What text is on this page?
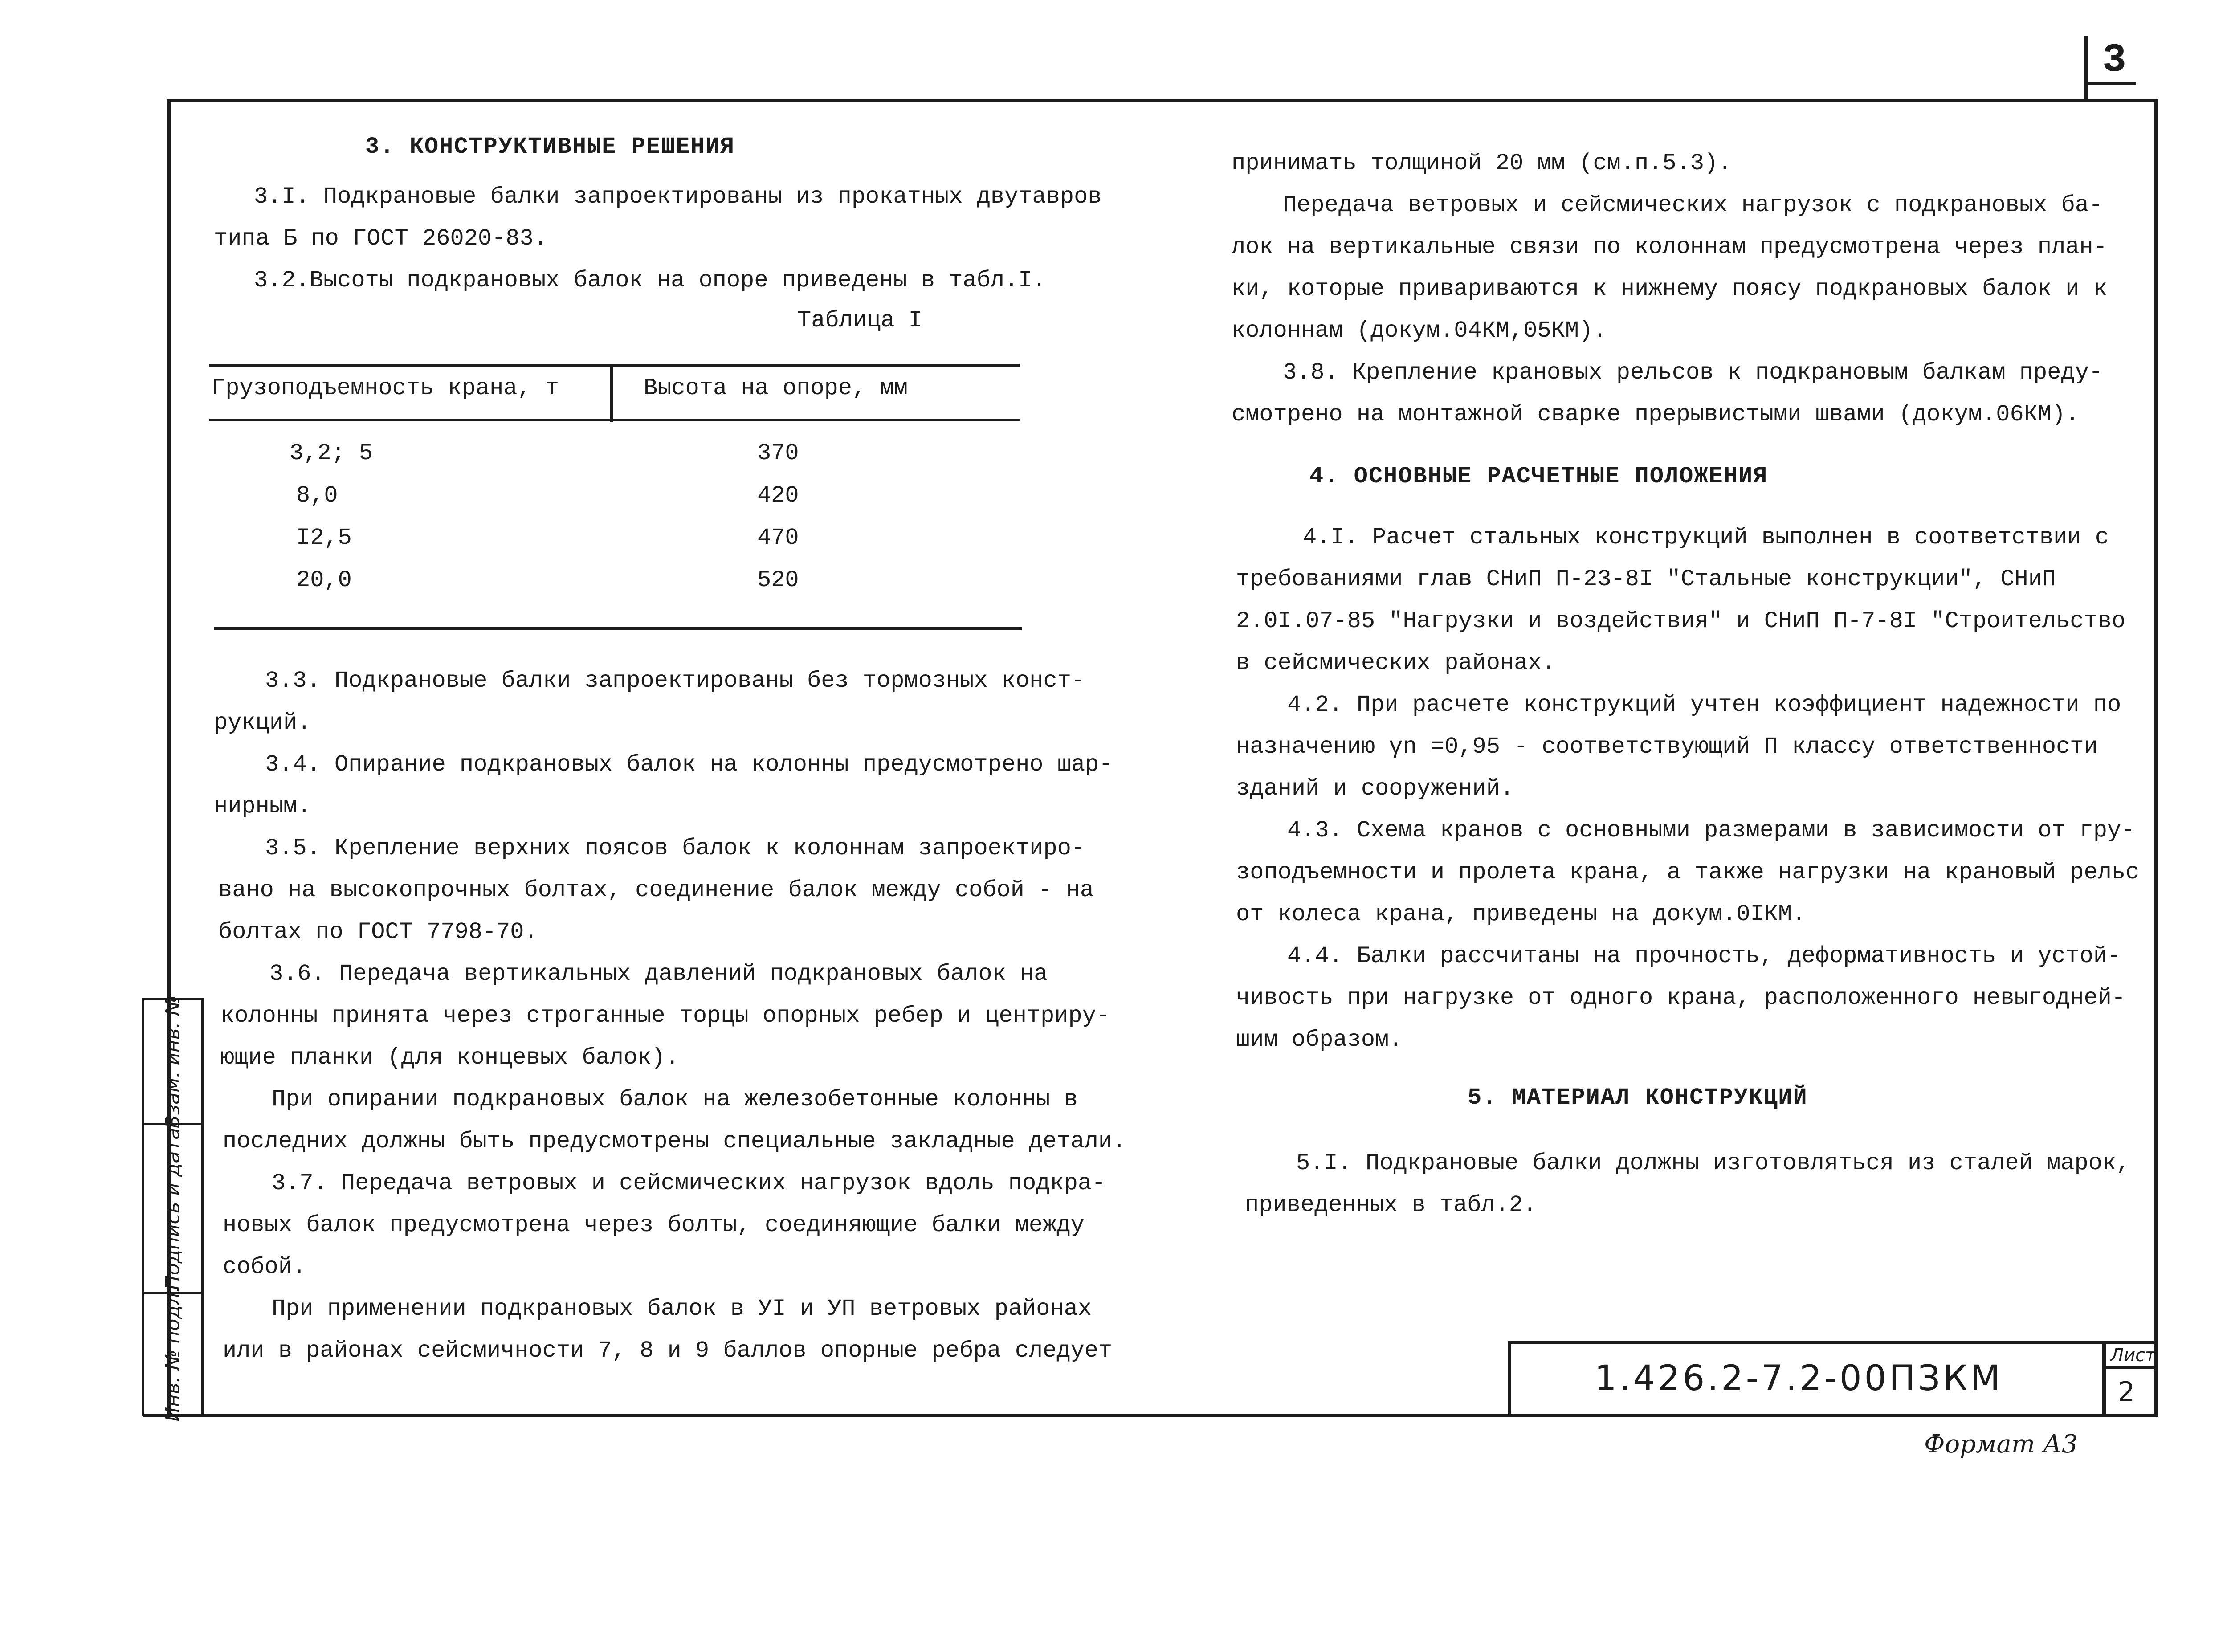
3
Взам. инв. №
Подпись и дата
Инв. № подл.
3. КОНСТРУКТИВНЫЕ РЕШЕНИЯ
3.I. Подкрановые балки запроектированы из прокатных двутавров
типа Б по ГОСТ 26020-83.
3.2.Высоты подкрановых балок на опоре приведены в табл.I.
Таблица I
Грузоподъемность крана, т	Высота на опоре, мм
3,2; 5	370
8,0	420
I2,5	470
20,0	520
3.3. Подкрановые балки запроектированы без тормозных конст-
рукций.
3.4. Опирание подкрановых балок на колонны предусмотрено шар-
нирным.
3.5. Крепление верхних поясов балок к колоннам запроектиро-
вано на высокопрочных болтах, соединение балок между собой - на
болтах по ГОСТ 7798-70.
3.6. Передача вертикальных давлений подкрановых балок на
колонны принята через строганные торцы опорных ребер и центриру-
ющие планки (для концевых балок).
При опирании подкрановых балок на железобетонные колонны в
последних должны быть предусмотрены специальные закладные детали.
3.7. Передача ветровых и сейсмических нагрузок вдоль подкра-
новых балок предусмотрена через болты, соединяющие балки между
собой.
При применении подкрановых балок в УI и УП ветровых районах
или в районах сейсмичности 7, 8 и 9 баллов опорные ребра следует
принимать толщиной 20 мм (см.п.5.3).
Передача ветровых и сейсмических нагрузок с подкрановых ба-
лок на вертикальные связи по колоннам предусмотрена через план-
ки, которые привариваются к нижнему поясу подкрановых балок и к
колоннам (докум.04КМ,05КМ).
3.8. Крепление крановых рельсов к подкрановым балкам преду-
смотрено на монтажной сварке прерывистыми швами (докум.06КМ).
4. ОСНОВНЫЕ РАСЧЕТНЫЕ ПОЛОЖЕНИЯ
4.I. Расчет стальных конструкций выполнен в соответствии с
требованиями глав СНиП П-23-8I "Стальные конструкции", СНиП
2.0I.07-85 "Нагрузки и воздействия" и СНиП П-7-8I "Строительство
в сейсмических районах.
4.2. При расчете конструкций учтен коэффициент надежности по
назначению γn =0,95 - соответствующий П классу ответственности
зданий и сооружений.
4.3. Схема кранов с основными размерами в зависимости от гру-
зоподъемности и пролета крана, а также нагрузки на крановый рельс
от колеса крана, приведены на докум.0IКМ.
4.4. Балки рассчитаны на прочность, деформативность и устой-
чивость при нагрузке от одного крана, расположенного невыгодней-
шим образом.
5. МАТЕРИАЛ КОНСТРУКЦИЙ
5.I. Подкрановые балки должны изготовляться из сталей марок,
приведенных в табл.2.
1.426.2-7.2-00ПЗКМ
Лист
2
Формат А3
